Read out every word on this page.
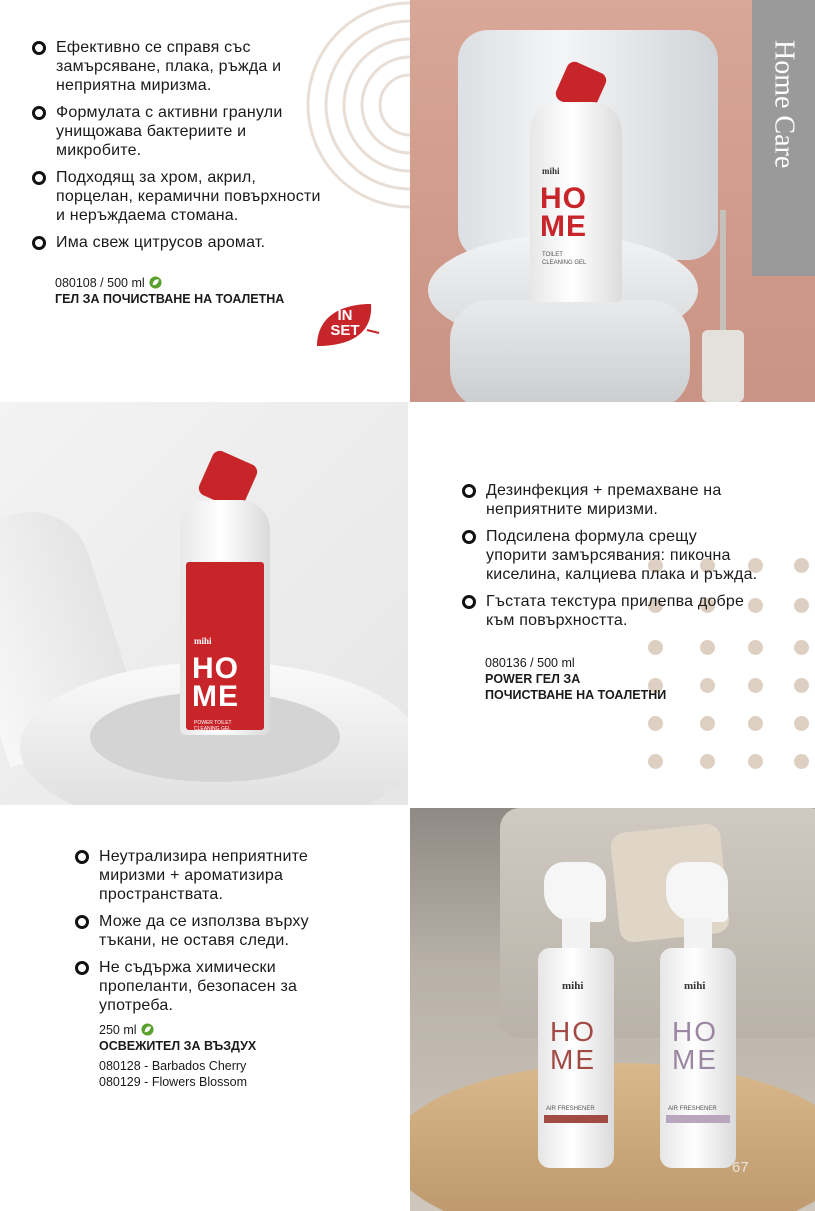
Ефективно се справя със замърсяване, плака, ръжда и неприятна миризма.
Формулата с активни гранули унищожава бактериите и микробите.
Подходящ за хром, акрил, порцелан, керамични повърхности и неръждаема стомана.
Има свеж цитрусов аромат.
080108 / 500 ml
ГЕЛ ЗА ПОЧИСТВАНЕ НА ТОАЛЕТНА
IN
SET
mihi
HO
ME
TOILET
CLEANING GEL
Home Care
mihi
HO
ME
POWER TOILET
CLEANING GEL
Дезинфекция + премахване на неприятните миризми.
Подсилена формула срещу упорити замърсявания: пикочна киселина, калциева плака и ръжда.
Гъстата текстура прилепва добре към повърхността.
080136 / 500 ml
POWER ГЕЛ ЗА
ПОЧИСТВАНЕ НА ТОАЛЕТНИ
Неутрализира неприятните миризми + ароматизира пространствата.
Може да се използва върху тъкани, не оставя следи.
Не съдържа химически пропеланти, безопасен за употреба.
250 ml
ОСВЕЖИТЕЛ ЗА ВЪЗДУХ
080128 - Barbados Cherry
080129 - Flowers Blossom
mihi
HO
ME
AIR FRESHENER
mihi
HO
ME
AIR FRESHENER
67
